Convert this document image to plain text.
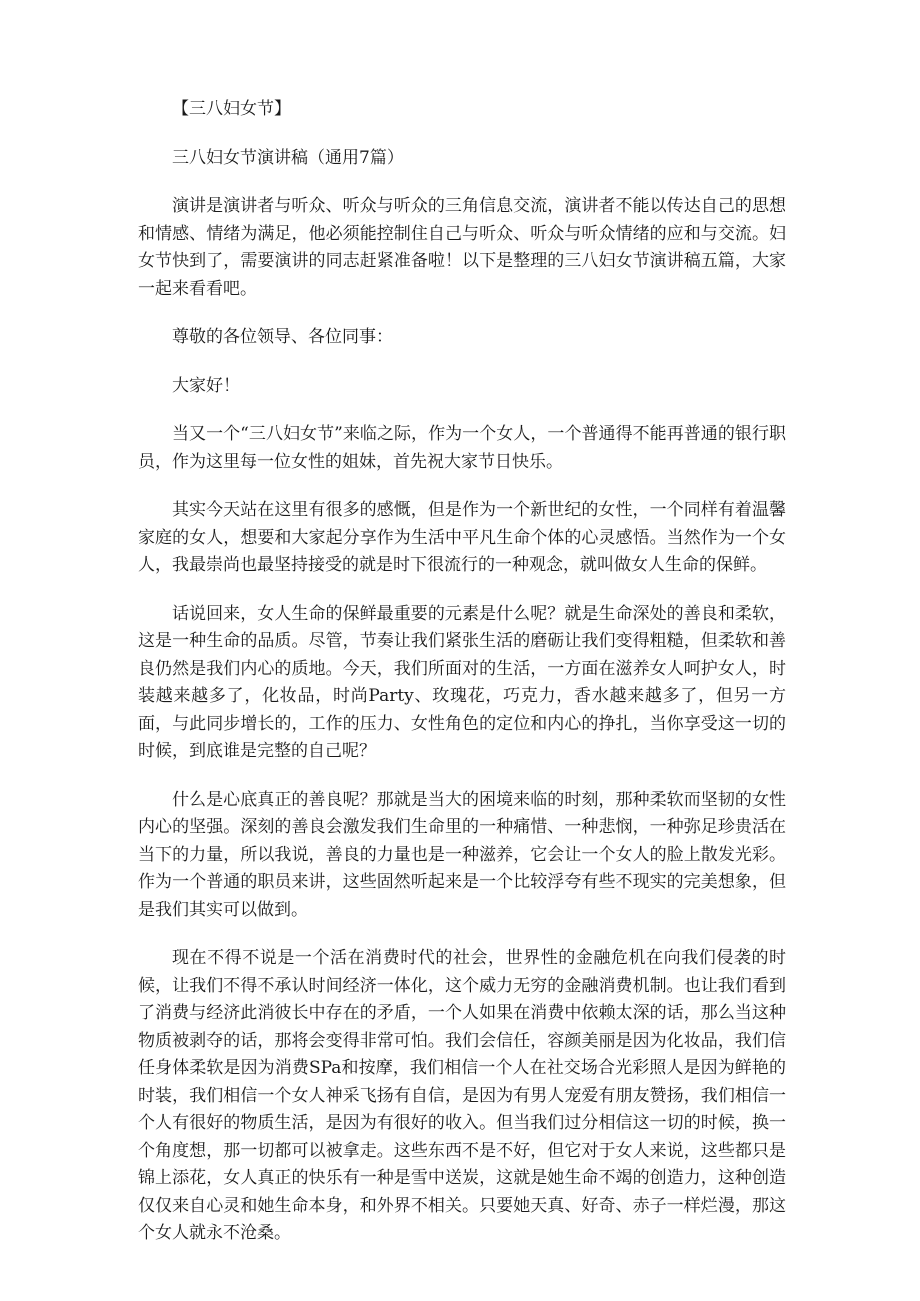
【三八妇女节】

三八妇女节演讲稿（通用7篇）

演讲是演讲者与听众、听众与听众的三角信息交流，演讲者不能以传达自己的思想和情感、情绪为满足，他必须能控制住自己与听众、听众与听众情绪的应和与交流。妇女节快到了，需要演讲的同志赶紧准备啦！以下是整理的三八妇女节演讲稿五篇，大家一起来看看吧。

尊敬的各位领导、各位同事：

大家好！

当又一个“三八妇女节”来临之际，作为一个女人，一个普通得不能再普通的银行职员，作为这里每一位女性的姐妹，首先祝大家节日快乐。

其实今天站在这里有很多的感慨，但是作为一个新世纪的女性，一个同样有着温馨家庭的女人，想要和大家起分享作为生活中平凡生命个体的心灵感悟。当然作为一个女人，我最崇尚也最坚持接受的就是时下很流行的一种观念，就叫做女人生命的保鲜。

话说回来，女人生命的保鲜最重要的元素是什么呢？就是生命深处的善良和柔软，这是一种生命的品质。尽管，节奏让我们紧张生活的磨砺让我们变得粗糙，但柔软和善良仍然是我们内心的质地。今天，我们所面对的生活，一方面在滋养女人呵护女人，时装越来越多了，化妆品，时尚Party、玫瑰花，巧克力，香水越来越多了，但另一方面，与此同步增长的，工作的压力、女性角色的定位和内心的挣扎，当你享受这一切的时候，到底谁是完整的自己呢？

什么是心底真正的善良呢？那就是当大的困境来临的时刻，那种柔软而坚韧的女性内心的坚强。深刻的善良会激发我们生命里的一种痛惜、一种悲悯，一种弥足珍贵活在当下的力量，所以我说，善良的力量也是一种滋养，它会让一个女人的脸上散发光彩。作为一个普通的职员来讲，这些固然听起来是一个比较浮夸有些不现实的完美想象，但是我们其实可以做到。

现在不得不说是一个活在消费时代的社会，世界性的金融危机在向我们侵袭的时候，让我们不得不承认时间经济一体化，这个威力无穷的金融消费机制。也让我们看到了消费与经济此消彼长中存在的矛盾，一个人如果在消费中依赖太深的话，那么当这种物质被剥夺的话，那将会变得非常可怕。我们会信任，容颜美丽是因为化妆品，我们信任身体柔软是因为消费SPa和按摩，我们相信一个人在社交场合光彩照人是因为鲜艳的时装，我们相信一个女人神采飞扬有自信，是因为有男人宠爱有朋友赞扬，我们相信一个人有很好的物质生活，是因为有很好的收入。但当我们过分相信这一切的时候，换一个角度想，那一切都可以被拿走。这些东西不是不好，但它对于女人来说，这些都只是锦上添花，女人真正的快乐有一种是雪中送炭，这就是她生命不竭的创造力，这种创造仅仅来自心灵和她生命本身，和外界不相关。只要她天真、好奇、赤子一样烂漫，那这个女人就永不沧桑。
